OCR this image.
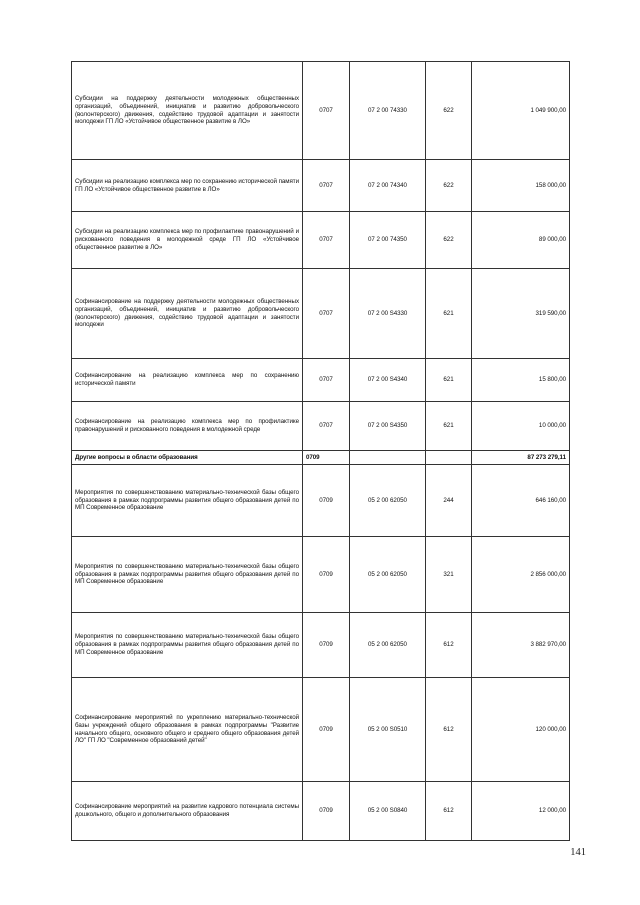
Субсидии на поддержку деятельности молодежных общественных организаций, объединений, инициатив и развитию добровольческого (волонтерского) движения, содействию трудовой адаптации и занятости молодежи ГП ЛО «Устойчивое общественное развитие в ЛО»	0707	07 2 00 74330	622	1 049 900,00
Субсидии на реализацию комплекса мер по сохранению исторической памяти ГП ЛО «Устойчивое общественное развитие в ЛО»	0707	07 2 00 74340	622	158 000,00
Субсидии на реализацию комплекса мер по профилактике правонарушений и рискованного поведения в молодежной среде ГП ЛО «Устойчивое общественное развитие в ЛО»	0707	07 2 00 74350	622	89 000,00
Софинансирование на поддержку деятельности молодежных общественных организаций, объединений, инициатив и развитию добровольческого (волонтерского) движения, содействию трудовой адаптации и занятости молодежи	0707	07 2 00 S4330	621	319 590,00
Софинансирование на реализацию комплекса мер по сохранению исторической памяти	0707	07 2 00 S4340	621	15 800,00
Софинансирование на реализацию комплекса мер по профилактике правонарушений и рискованного поведения в молодежной среде	0707	07 2 00 S4350	621	10 000,00
Другие вопросы в области образования	0709			87 273 279,11
Мероприятия по совершенствованию материально-технической базы общего образования в рамках подпрограммы развития общего образования детей по МП Современное образование	0709	05 2 00 62050	244	646 160,00
Мероприятия по совершенствованию материально-технической базы общего образования в рамках подпрограммы развития общего образования детей по МП Современное образование	0709	05 2 00 62050	321	2 856 000,00
Мероприятия по совершенствованию материально-технической базы общего образования в рамках подпрограммы развития общего образования детей по МП Современное образование	0709	05 2 00 62050	612	3 882 970,00
Софинансирование мероприятий по укреплению материально-технической базы учреждений общего образования в рамках подпрограммы "Развитие начального общего, основного общего и среднего общего образования детей ЛО" ГП ЛО "Современное образований детей"	0709	05 2 00 S0510	612	120 000,00
Софинансирование мероприятий на развитие кадрового потенциала системы дошкольного, общего и дополнительного образования	0709	05 2 00 S0840	612	12 000,00
141
